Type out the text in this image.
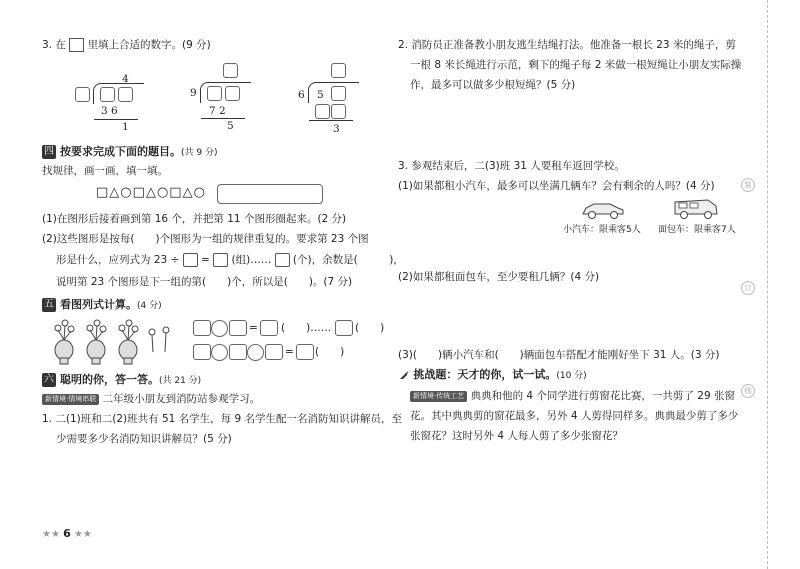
3. 在 里填上合适的数字。(9 分)
4
3 6
1
9
7 2
5
6 5
3
四 按要求完成下面的题目。(共 9 分)
找规律，画一画，填一填。
□△○□△○□△○
(1)在图形后接着画到第 16 个，并把第 11 个图形圈起来。(2 分)
(2)这些图形是按每(　　)个图形为一组的规律重复的。要求第 23 个图
形是什么，应列式为 23 ÷ = (组)…… (个)，余数是(　　　)，
说明第 23 个图形是下一组的第(　　)个，所以是(　　)。(7 分)
五 看图列式计算。(4 分)
= (　　)…… (　　)
= (　　)
六 聪明的你，答一答。(共 21 分)
新情境·情境串联 二年级小朋友到消防站参观学习。
1. 二(1)班和二(2)班共有 51 名学生，每 9 名学生配一名消防知识讲解员，至
少需要多少名消防知识讲解员？(5 分)
★★ 6 ★★
2. 消防员正准备教小朋友逃生结绳打法。他准备一根长 23 米的绳子，剪
一根 8 米长绳进行示范，剩下的绳子每 2 米做一根短绳让小朋友实际操
作，最多可以做多少根短绳？(5 分)
3. 参观结束后，二(3)班 31 人要租车返回学校。
(1)如果都租小汽车，最多可以坐满几辆车？会有剩余的人吗？(4 分)
小汽车：限乘客5人 面包车：限乘客7人
(2)如果都租面包车，至少要租几辆？(4 分)
(3)(　　)辆小汽车和(　　)辆面包车搭配才能刚好坐下 31 人。(3 分)
挑战题：天才的你，试一试。(10 分)
新情境·传统工艺 典典和他的 4 个同学进行剪窗花比赛，一共剪了 29 张窗
花。其中典典剪的窗花最多，另外 4 人剪得同样多。典典最少剪了多少
张窗花？这时另外 4 人每人剪了多少张窗花？
装
订
线
